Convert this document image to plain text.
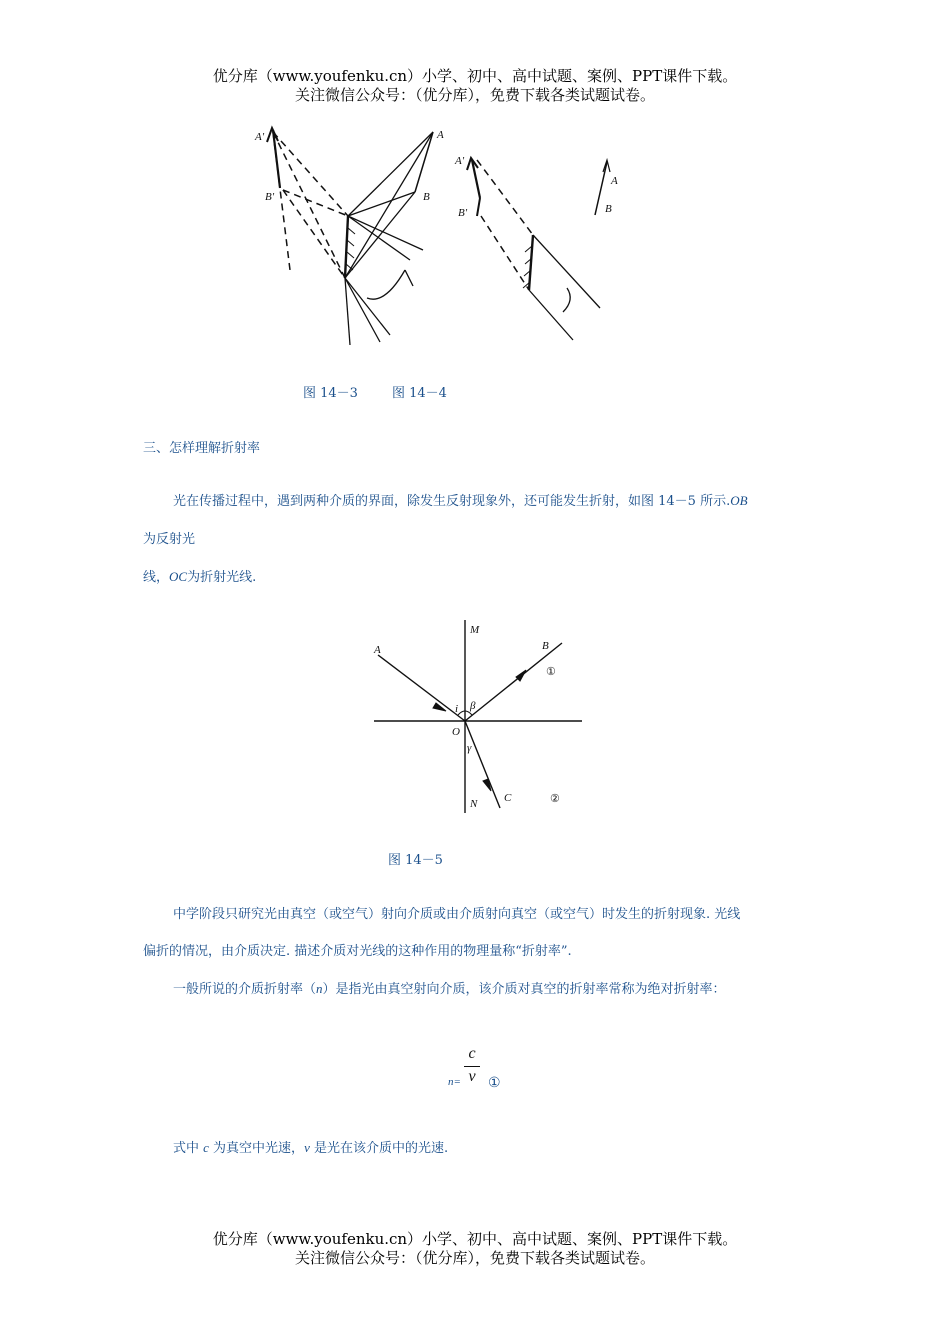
优分库（www.youfenku.cn）小学、初中、高中试题、案例、PPT课件下载。
关注微信公众号：（优分库），免费下载各类试题试卷。
A'
B'
A
B
A'
B'
A
B
图 14－3	图 14－4
三、怎样理解折射率
光在传播过程中，遇到两种介质的界面，除发生反射现象外，还可能发生折射，如图 14－5 所示.OB
为反射光
线，OC为折射光线.
M
N
A	B
C
O
i β
γ
①
②
图 14－5
中学阶段只研究光由真空（或空气）射向介质或由介质射向真空（或空气）时发生的折射现象. 光线
偏折的情况，由介质决定. 描述介质对光线的这种作用的物理量称“折射率”.
一般所说的介质折射率（n）是指光由真空射向介质，该介质对真空的折射率常称为绝对折射率：
c
v
n= ①
式中 c 为真空中光速，v 是光在该介质中的光速.
优分库（www.youfenku.cn）小学、初中、高中试题、案例、PPT课件下载。
关注微信公众号：（优分库），免费下载各类试题试卷。
